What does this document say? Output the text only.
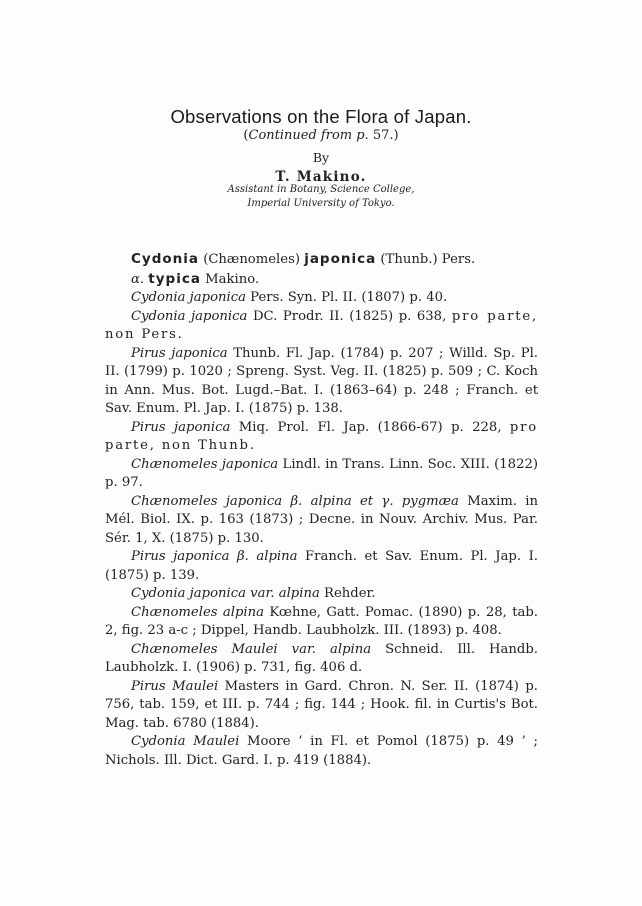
Observations on the Flora of Japan.
(Continued from p. 57.)
By
T. Makino.
Assistant in Botany, Science College,
Imperial University of Tokyo.

Cydonia (Chænomeles) japonica (Thunb.) Pers.

α. typica Makino.

Cydonia japonica Pers. Syn. Pl. II. (1807) p. 40.

Cydonia japonica DC. Prodr. II. (1825) p. 638, pro parte, non Pers.

Pirus japonica Thunb. Fl. Jap. (1784) p. 207 ; Willd. Sp. Pl. II. (1799) p. 1020 ; Spreng. Syst. Veg. II. (1825) p. 509 ; C. Koch in Ann. Mus. Bot. Lugd.–Bat. I. (1863–64) p. 248 ; Franch. et Sav. Enum. Pl. Jap. I. (1875) p. 138.

Pirus japonica Miq. Prol. Fl. Jap. (1866-67) p. 228, pro parte, non Thunb.

Chænomeles japonica Lindl. in Trans. Linn. Soc. XIII. (1822) p. 97.

Chænomeles japonica β. alpina et γ. pygmæa Maxim. in Mél. Biol. IX. p. 163 (1873) ; Decne. in Nouv. Archiv. Mus. Par. Sér. 1, X. (1875) p. 130.

Pirus japonica β. alpina Franch. et Sav. Enum. Pl. Jap. I. (1875) p. 139.

Cydonia japonica var. alpina Rehder.

Chænomeles alpina Kœhne, Gatt. Pomac. (1890) p. 28, tab. 2, fig. 23 a-c ; Dippel, Handb. Laubholzk. III. (1893) p. 408.

Chænomeles Maulei var. alpina Schneid. Ill. Handb. Laubholzk. I. (1906) p. 731, fig. 406 d.

Pirus Maulei Masters in Gard. Chron. N. Ser. II. (1874) p. 756, tab. 159, et III. p. 744 ; fig. 144 ; Hook. fil. in Curtis's Bot. Mag. tab. 6780 (1884).

Cydonia Maulei Moore ‘ in Fl. et Pomol (1875) p. 49 ’ ; Nichols. Ill. Dict. Gard. I. p. 419 (1884).
